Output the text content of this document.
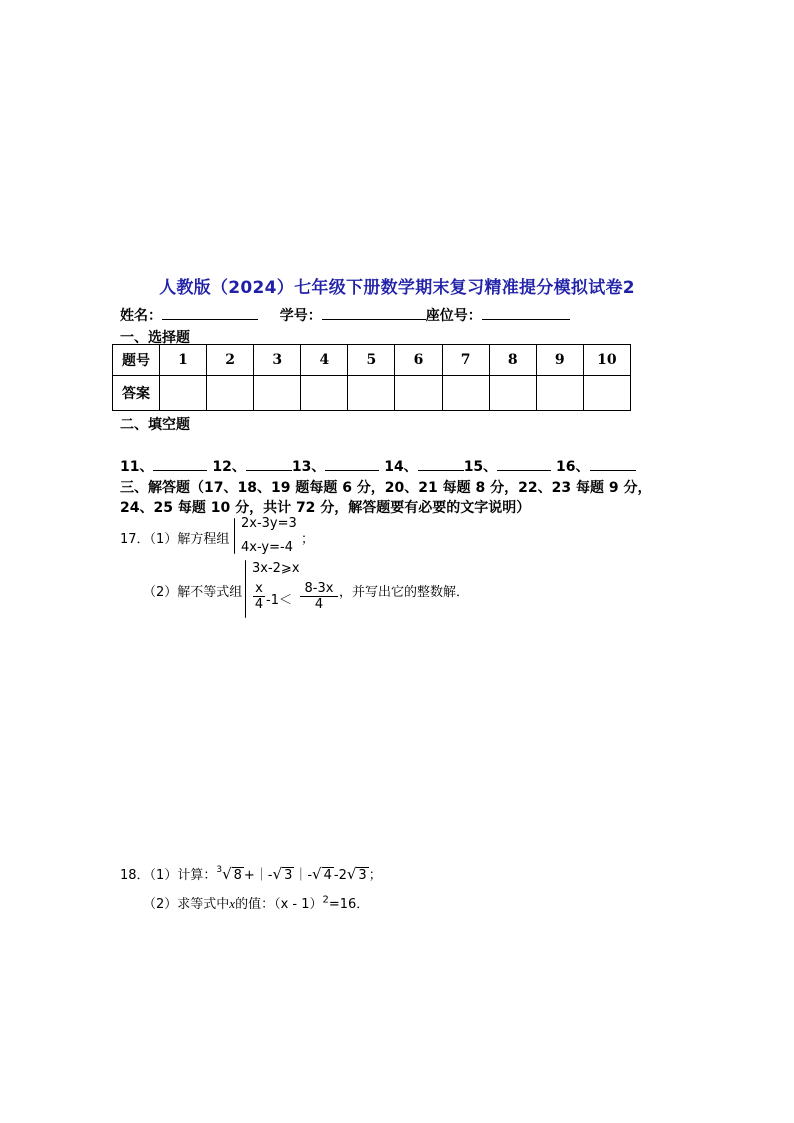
人教版（2024）七年级下册数学期末复习精准提分模拟试卷2
姓名：	学号：	座位号：
一、选择题
题号	1	2	3	4	5	6	7	8	9	10
答案										
二、填空题
11、	12、	13、	14、	15、	16、
三、解答题（17、18、19 题每题 6 分，20、21 每题 8 分，22、23 每题 9 分，
24、25 每题 10 分，共计 72 分，解答题要有必要的文字说明）
17．（1）解方程组
2x-3y=3
；
4x-y=-4
（2）解不等式组
3x-2⩾x
$\frac{x}{4} -1< \frac{8-3x}{4}$ ，并写出它的整数解．
18．（1）计算：$^3$√ 8 +｜-√ 3 ｜-√ 4 -2√ 3 ；
（2）求等式中x的值：（x - 1）$^2$=16．
